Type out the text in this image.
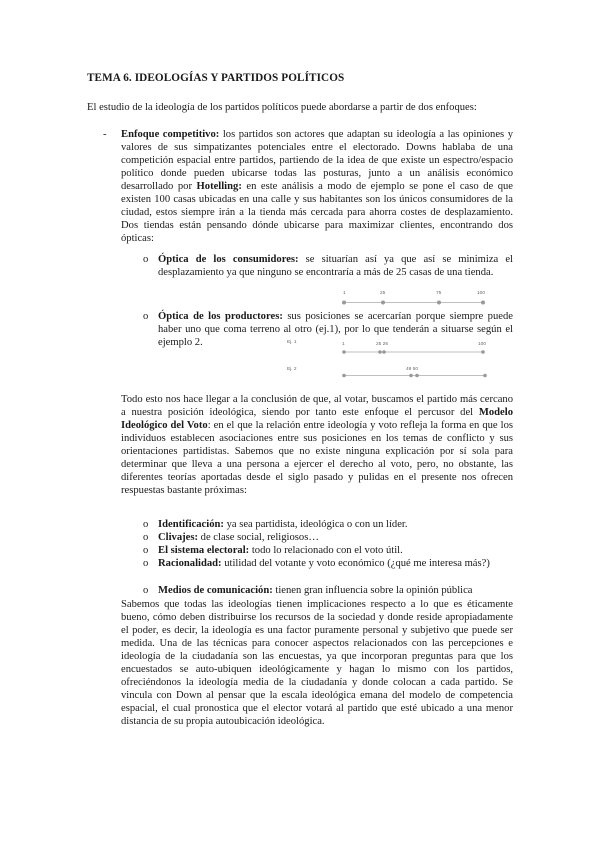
TEMA 6. IDEOLOGÍAS Y PARTIDOS POLÍTICOS
El estudio de la ideología de los partidos políticos puede abordarse a partir de dos enfoques:
- Enfoque competitivo: los partidos son actores que adaptan su ideología a las opiniones y valores de sus simpatizantes potenciales entre el electorado. Downs hablaba de una competición espacial entre partidos, partiendo de la idea de que existe un espectro/espacio político donde pueden ubicarse todas las posturas, junto a un análisis económico desarrollado por Hotelling: en este análisis a modo de ejemplo se pone el caso de que existen 100 casas ubicadas en una calle y sus habitantes son los únicos consumidores de la ciudad, estos siempre irán a la tienda más cercada para ahorra costes de desplazamiento. Dos tiendas están pensando dónde ubicarse para maximizar clientes, encontrando dos ópticas:
o Óptica de los consumidores: se situarían así ya que así se minimiza el desplazamiento ya que ninguno se encontraría a más de 25 casas de una tienda.
1	25	75	100
o Óptica de los productores: sus posiciones se acercarían porque siempre puede haber uno que coma terreno al otro (ej.1), por lo que tenderán a situarse según el ejemplo 2.	Ej. 1	1	25 26	100
Ej. 2	49 50
Todo esto nos hace llegar a la conclusión de que, al votar, buscamos el partido más cercano a nuestra posición ideológica, siendo por tanto este enfoque el percusor del Modelo Ideológico del Voto: en el que la relación entre ideología y voto refleja la forma en que los individuos establecen asociaciones entre sus posiciones en los temas de conflicto y sus orientaciones partidistas. Sabemos que no existe ninguna explicación por sí sola para determinar que lleva a una persona a ejercer el derecho al voto, pero, no obstante, las diferentes teorías aportadas desde el siglo pasado y pulidas en el presente nos ofrecen respuestas bastante próximas:
o Identificación: ya sea partidista, ideológica o con un líder.
o Clivajes: de clase social, religiosos…
o El sistema electoral: todo lo relacionado con el voto útil.
o Racionalidad: utilidad del votante y voto económico (¿qué me interesa más?)
o Medios de comunicación: tienen gran influencia sobre la opinión pública
Sabemos que todas las ideologías tienen implicaciones respecto a lo que es éticamente bueno, cómo deben distribuirse los recursos de la sociedad y donde reside apropiadamente el poder, es decir, la ideología es una factor puramente personal y subjetivo que puede ser medida. Una de las técnicas para conocer aspectos relacionados con las percepciones e ideología de la ciudadanía son las encuestas, ya que incorporan preguntas para que los encuestados se auto-ubiquen ideológicamente y hagan lo mismo con los partidos, ofreciéndonos la ideología media de la ciudadanía y donde colocan a cada partido. Se vincula con Down al pensar que la escala ideológica emana del modelo de competencia espacial, el cual pronostica que el elector votará al partido que esté ubicado a una menor distancia de su propia autoubicación ideológica.
